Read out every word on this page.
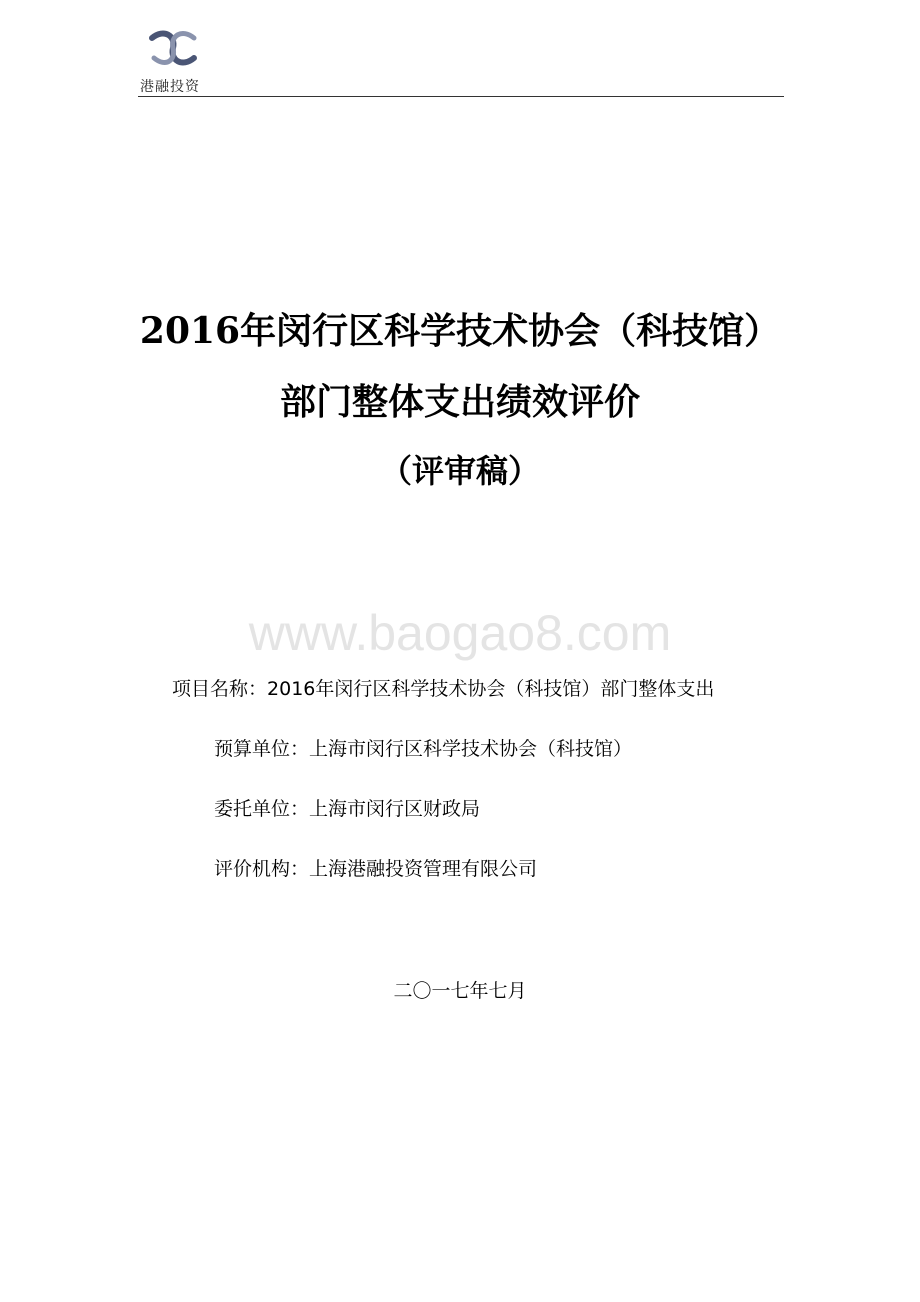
港融投资
2016年闵行区科学技术协会（科技馆）
部门整体支出绩效评价
（评审稿）
www.baogao8.com
项目名称：2016年闵行区科学技术协会（科技馆）部门整体支出
预算单位：上海市闵行区科学技术协会（科技馆）
委托单位：上海市闵行区财政局
评价机构：上海港融投资管理有限公司
二〇一七年七月
